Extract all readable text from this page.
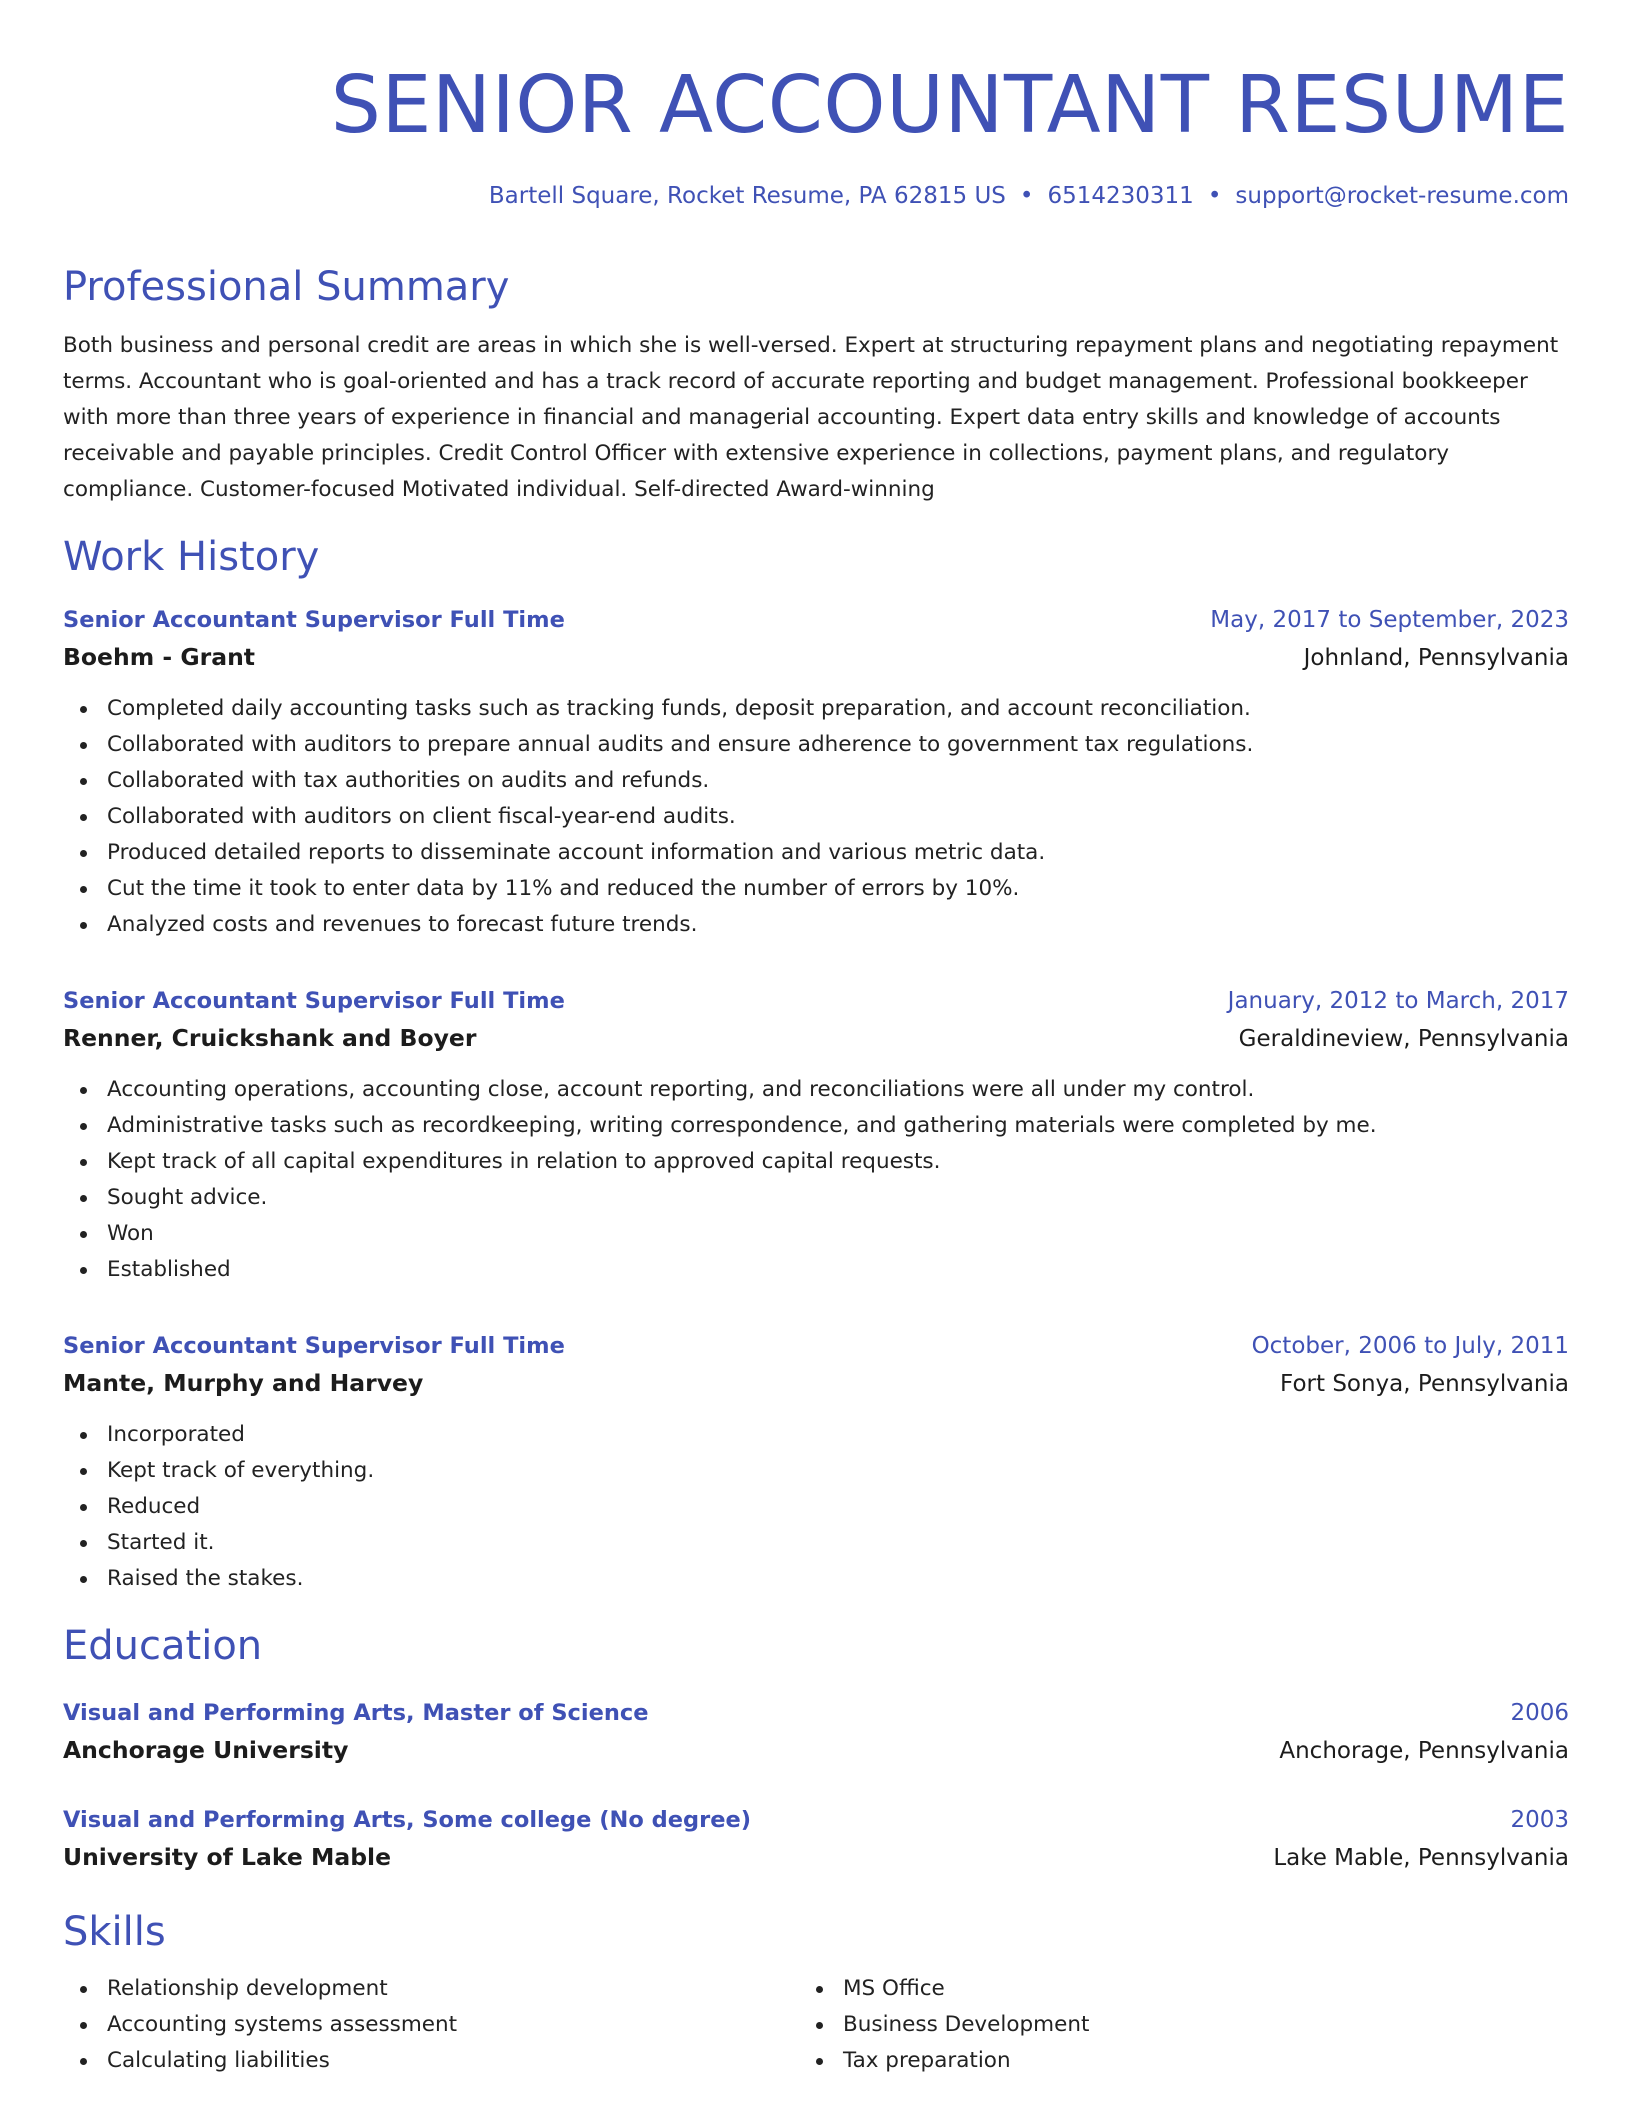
SENIOR ACCOUNTANT RESUME
Bartell Square, Rocket Resume, PA 62815 US • 6514230311 • support@rocket-resume.com
Professional Summary
Both business and personal credit are areas in which she is well-versed. Expert at structuring repayment plans and negotiating repayment terms. Accountant who is goal-oriented and has a track record of accurate reporting and budget management. Professional bookkeeper with more than three years of experience in financial and managerial accounting. Expert data entry skills and knowledge of accounts receivable and payable principles. Credit Control Officer with extensive experience in collections, payment plans, and regulatory compliance. Customer-focused Motivated individual. Self-directed Award-winning
Work History
Senior Accountant Supervisor Full Time	May, 2017 to September, 2023
Boehm - Grant	Johnland, Pennsylvania
Completed daily accounting tasks such as tracking funds, deposit preparation, and account reconciliation.
Collaborated with auditors to prepare annual audits and ensure adherence to government tax regulations.
Collaborated with tax authorities on audits and refunds.
Collaborated with auditors on client fiscal-year-end audits.
Produced detailed reports to disseminate account information and various metric data.
Cut the time it took to enter data by 11% and reduced the number of errors by 10%.
Analyzed costs and revenues to forecast future trends.
Senior Accountant Supervisor Full Time	January, 2012 to March, 2017
Renner, Cruickshank and Boyer	Geraldineview, Pennsylvania
Accounting operations, accounting close, account reporting, and reconciliations were all under my control.
Administrative tasks such as recordkeeping, writing correspondence, and gathering materials were completed by me.
Kept track of all capital expenditures in relation to approved capital requests.
Sought advice.
Won
Established
Senior Accountant Supervisor Full Time	October, 2006 to July, 2011
Mante, Murphy and Harvey	Fort Sonya, Pennsylvania
Incorporated
Kept track of everything.
Reduced
Started it.
Raised the stakes.
Education
Visual and Performing Arts, Master of Science	2006
Anchorage University	Anchorage, Pennsylvania
Visual and Performing Arts, Some college (No degree)	2003
University of Lake Mable	Lake Mable, Pennsylvania
Skills
Relationship development
Accounting systems assessment
Calculating liabilities
MS Office
Business Development
Tax preparation
